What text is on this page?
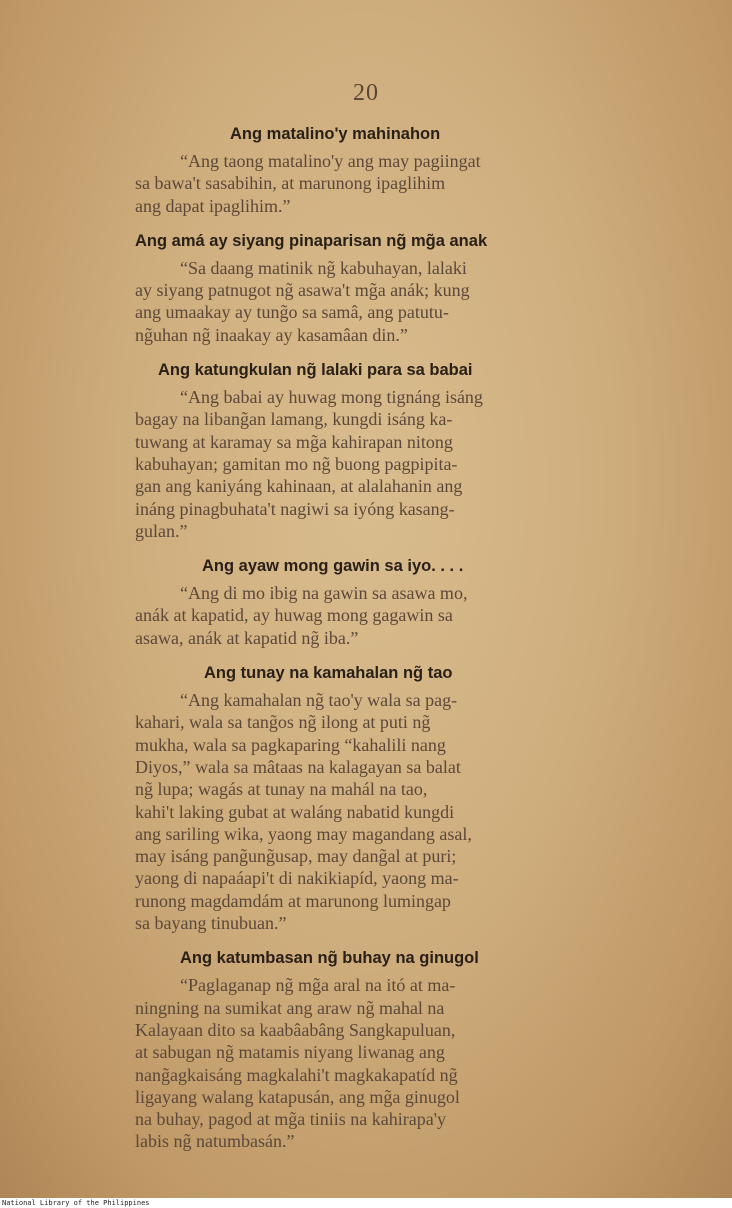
20
Ang matalino'y mahinahon
“Ang taong matalino'y ang may pagiingat
sa bawa't sasabihin, at marunong ipaglihim
ang dapat ipaglihim.”
Ang amá ay siyang pinaparisan ng̃ mg̃a anak
“Sa daang matinik ng̃ kabuhayan, lalaki
ay siyang patnugot ng̃ asawa't mg̃a anák; kung
ang umaakay ay tung̃o sa samâ, ang patutu-
ng̃uhan ng̃ inaakay ay kasamâan din.”
Ang katungkulan ng̃ lalaki para sa babai
“Ang babai ay huwag mong tignáng isáng
bagay na libang̃an lamang, kungdi isáng ka-
tuwang at karamay sa mg̃a kahirapan nitong
kabuhayan; gamitan mo ng̃ buong pagpipita-
gan ang kaniyáng kahinaan, at alalahanin ang
ináng pinagbuhata't nagiwi sa iyóng kasang-
gulan.”
Ang ayaw mong gawin sa iyo. . . .
“Ang di mo ibig na gawin sa asawa mo,
anák at kapatid, ay huwag mong gagawin sa
asawa, anák at kapatid ng̃ iba.”
Ang tunay na kamahalan ng̃ tao
“Ang kamahalan ng̃ tao'y wala sa pag-
kahari, wala sa tang̃os ng̃ ilong at puti ng̃
mukha, wala sa pagkaparing “kahalili nang
Diyos,” wala sa mâtaas na kalagayan sa balat
ng̃ lupa; wagás at tunay na mahál na tao,
kahi't laking gubat at waláng nabatid kungdi
ang sariling wika, yaong may magandang asal,
may isáng pang̃ung̃usap, may dang̃al at puri;
yaong di napaáapi't di nakikiapíd, yaong ma-
runong magdamdám at marunong lumingap
sa bayang tinubuan.”
Ang katumbasan ng̃ buhay na ginugol
“Paglaganap ng̃ mg̃a aral na itó at ma-
ningning na sumikat ang araw ng̃ mahal na
Kalayaan dito sa kaabâabâng Sangkapuluan,
at sabugan ng̃ matamis niyang liwanag ang
nang̃agkaisáng magkalahi't magkakapatíd ng̃
ligayang walang katapusán, ang mg̃a ginugol
na buhay, pagod at mg̃a tiniis na kahirapa'y
labis ng̃ natumbasán.”
National Library of the Philippines
